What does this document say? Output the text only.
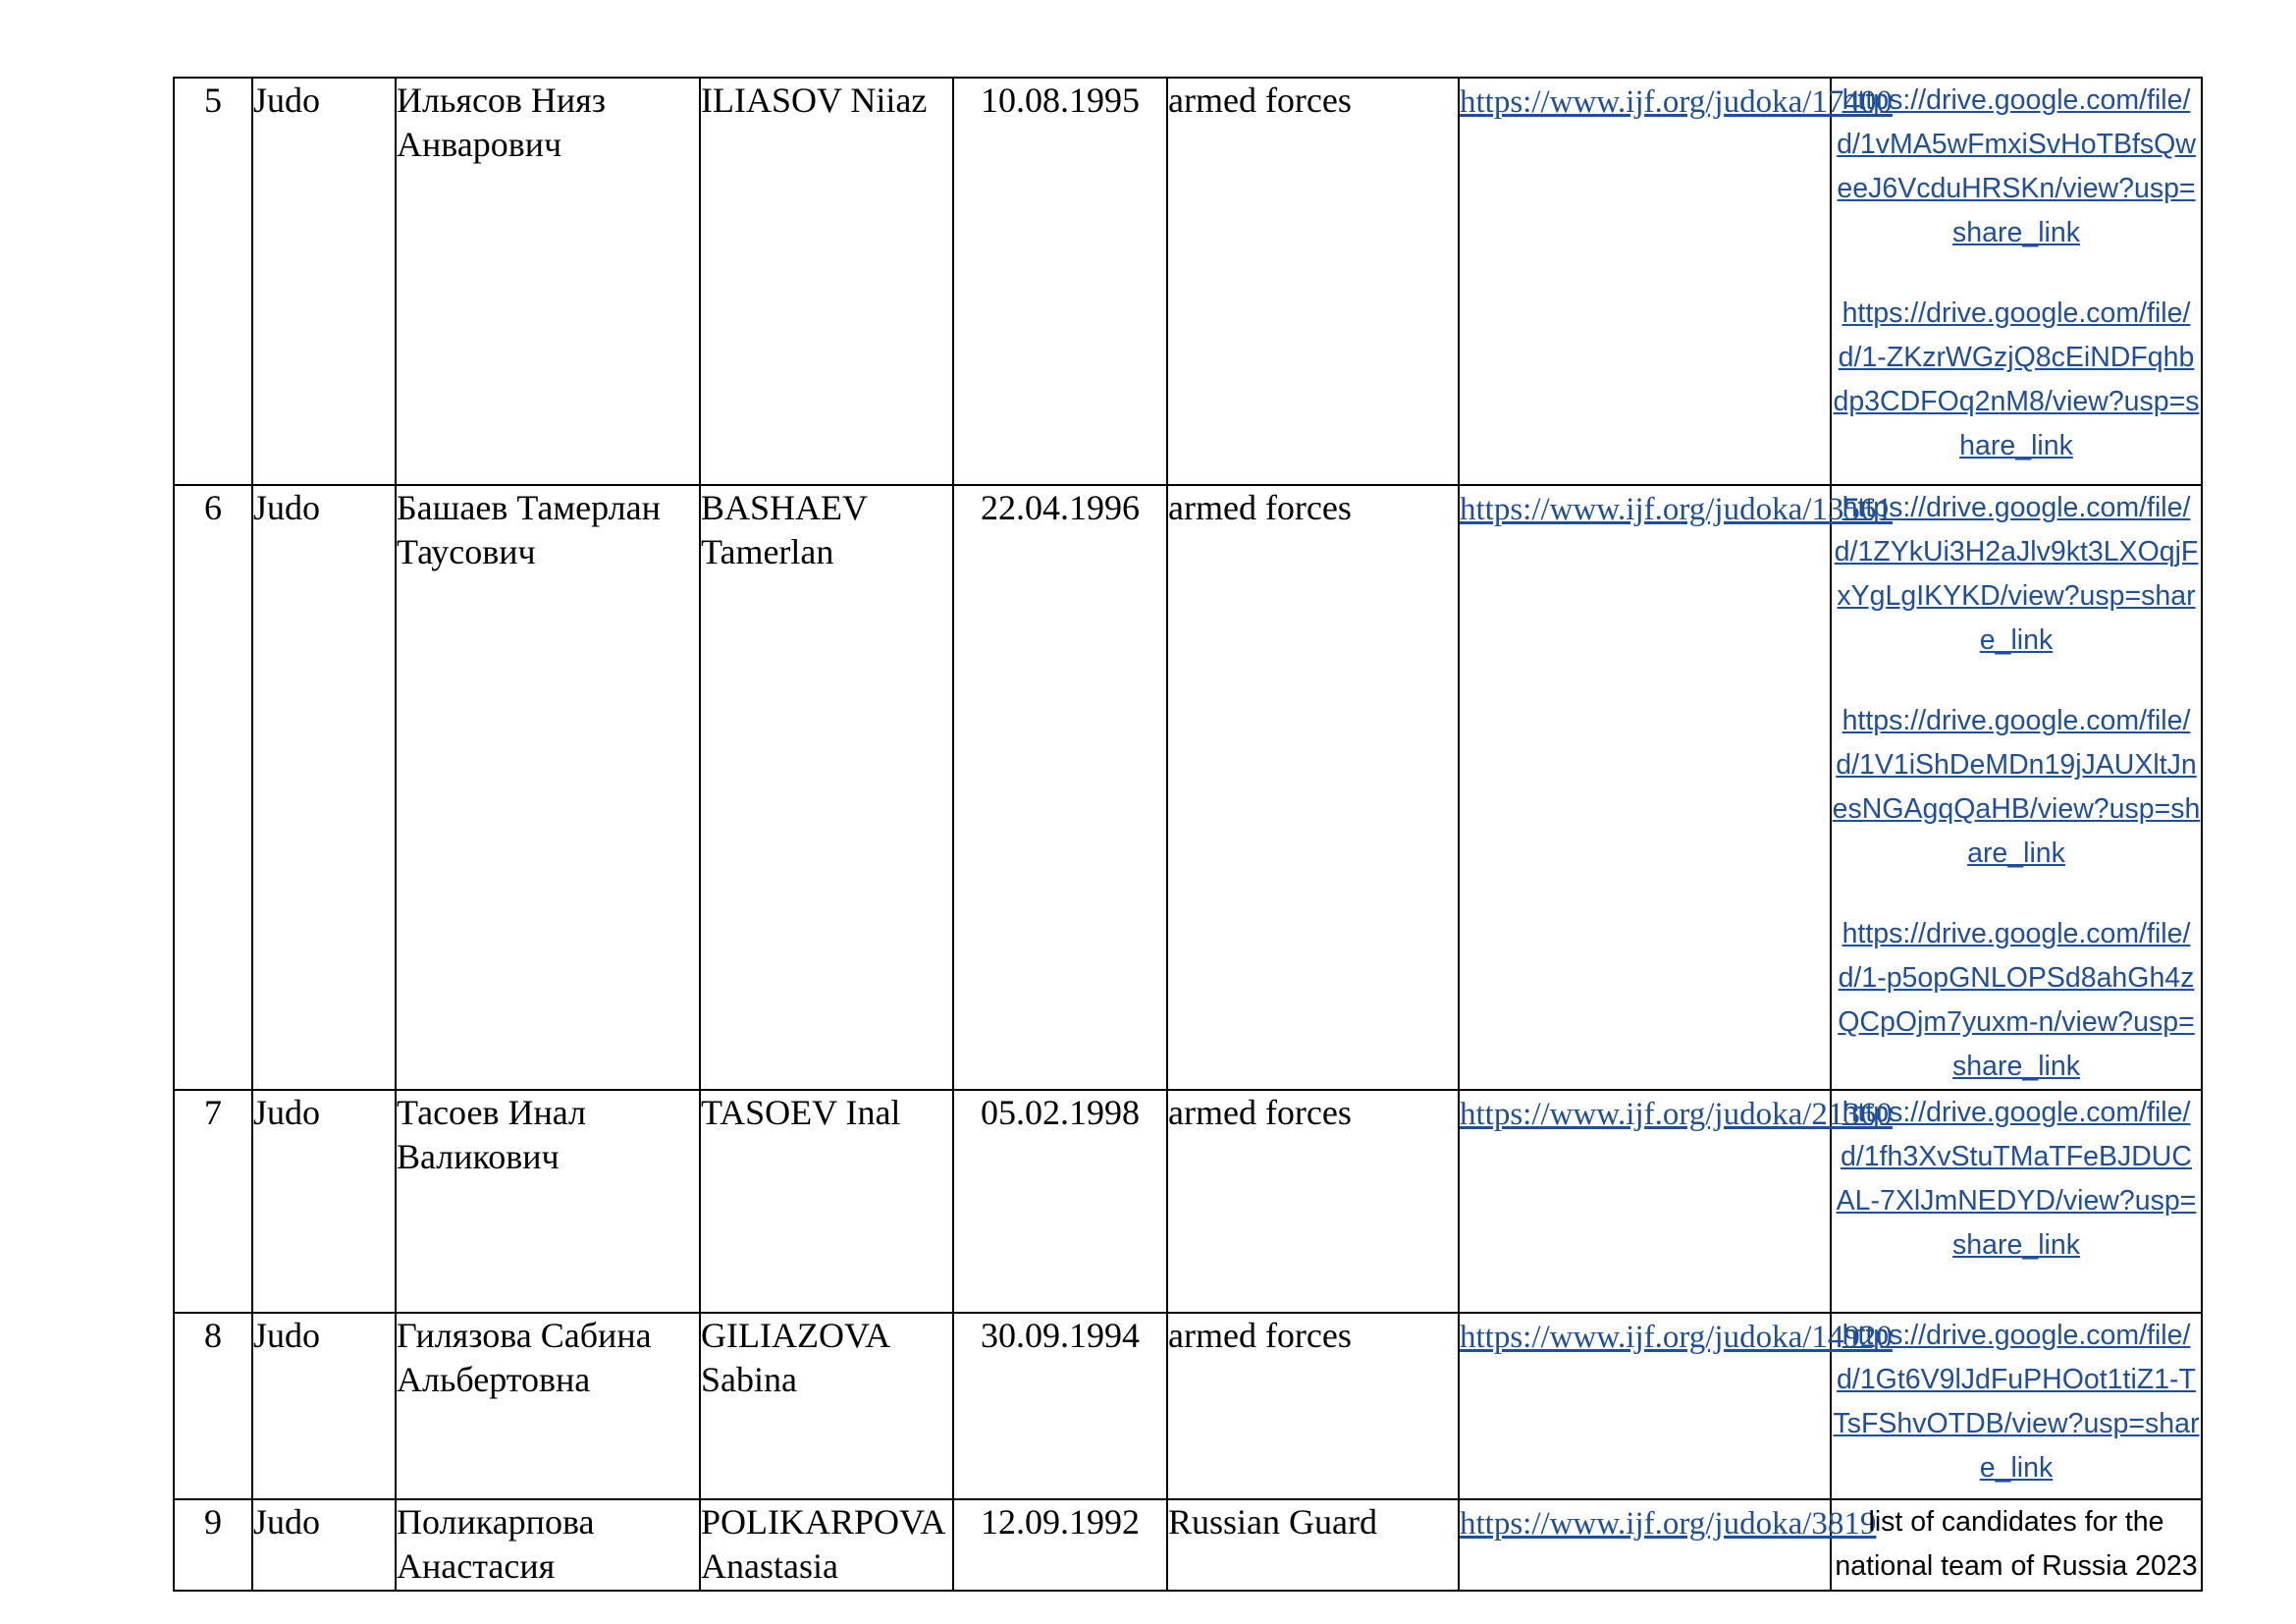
5	Judo	Ильясов Нияз Анварович	ILIASOV Niiaz	10.08.1995	armed forces	https://www.ijf.org/judoka/17400	https://drive.google.com/file/d/1vMA5wFmxiSvHoTBfsQweeJ6VcduHRSKn/view?usp=share_link
https://drive.google.com/file/d/1-ZKzrWGzjQ8cEiNDFqhbdp3CDFOq2nM8/view?usp=share_link

6	Judo	Башаев Тамерлан Таусович	BASHAEV Tamerlan	22.04.1996	armed forces	https://www.ijf.org/judoka/13561	https://drive.google.com/file/d/1ZYkUi3H2aJlv9kt3LXOqjFxYgLgIKYKD/view?usp=share_link
https://drive.google.com/file/d/1V1iShDeMDn19jJAUXltJnesNGAgqQaHB/view?usp=share_link
https://drive.google.com/file/d/1-p5opGNLOPSd8ahGh4zQCpOjm7yuxm-n/view?usp=share_link

7	Judo	Тасоев Инал Валикович	TASOEV Inal	05.02.1998	armed forces	https://www.ijf.org/judoka/21360	https://drive.google.com/file/d/1fh3XvStuTMaTFeBJDUCAL-7XlJmNEDYD/view?usp=share_link

8	Judo	Гилязова Сабина Альбертовна	GILIAZOVA Sabina	30.09.1994	armed forces	https://www.ijf.org/judoka/14920	https://drive.google.com/file/d/1Gt6V9lJdFuPHOot1tiZ1-TTsFShvOTDB/view?usp=share_link

9	Judo	Поликарпова Анастасия	POLIKARPOVA Anastasia	12.09.1992	Russian Guard	https://www.ijf.org/judoka/3819	list of candidates for the national team of Russia 2023
